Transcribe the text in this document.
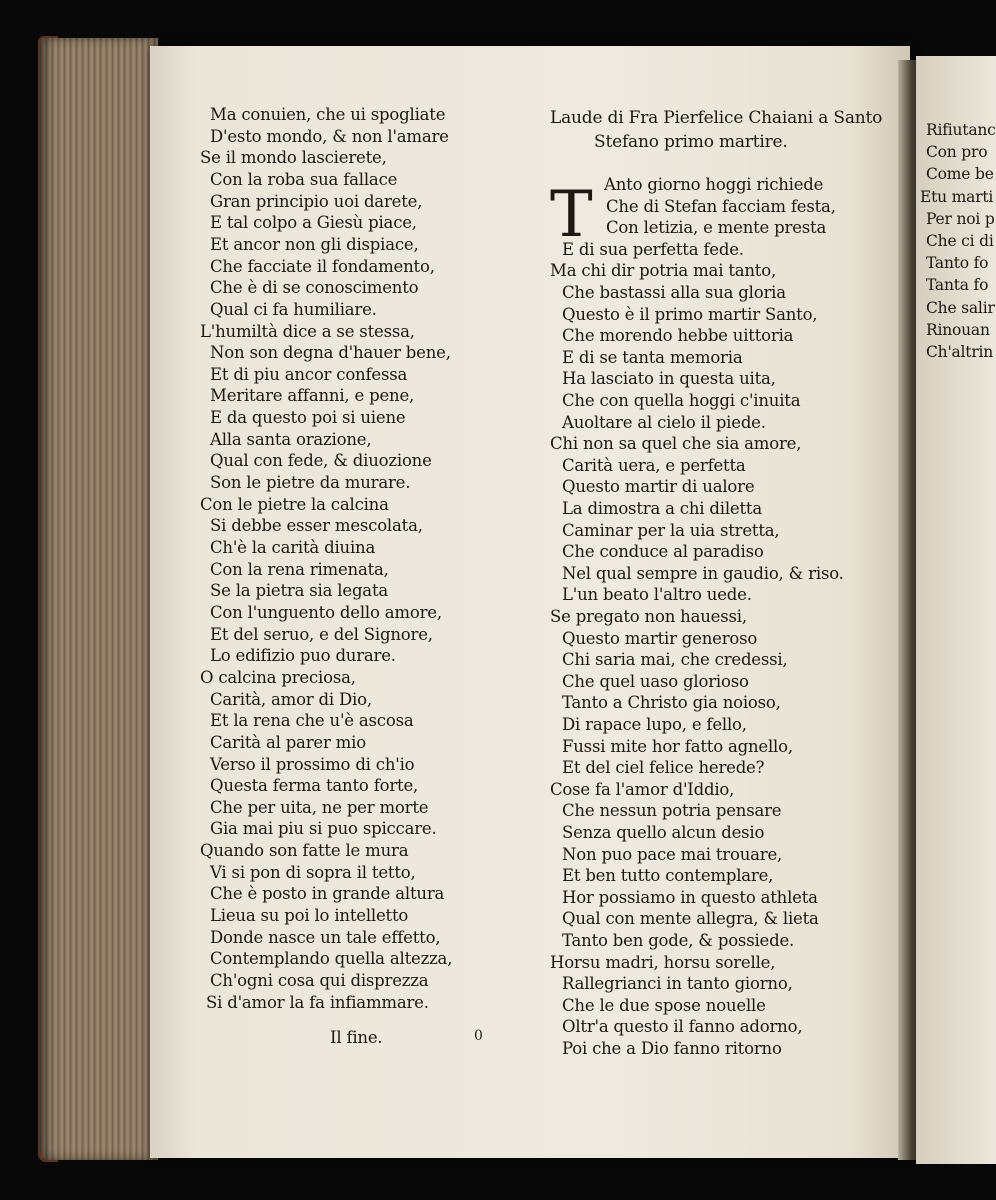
Rifiutanc
Con pro
Come be
Etu marti
Per noi p
Che ci di
Tanto fo
Tanta fo
Che salir
Rinouan
Ch'altrin
Ma conuien, che ui spogliate
D'esto mondo, & non l'amare
Se il mondo lascierete,
Con la roba sua fallace
Gran principio uoi darete,
E tal colpo a Giesù piace,
Et ancor non gli dispiace,
Che facciate il fondamento,
Che è di se conoscimento
Qual ci fa humiliare.
L'humiltà dice a se stessa,
Non son degna d'hauer bene,
Et di piu ancor confessa
Meritare affanni, e pene,
E da questo poi si uiene
Alla santa orazione,
Qual con fede, & diuozione
Son le pietre da murare.
Con le pietre la calcina
Si debbe esser mescolata,
Ch'è la carità diuina
Con la rena rimenata,
Se la pietra sia legata
Con l'unguento dello amore,
Et del seruo, e del Signore,
Lo edifizio puo durare.
O calcina preciosa,
Carità, amor di Dio,
Et la rena che u'è ascosa
Carità al parer mio
Verso il prossimo di ch'io
Questa ferma tanto forte,
Che per uita, ne per morte
Gia mai piu si puo spiccare.
Quando son fatte le mura
Vi si pon di sopra il tetto,
Che è posto in grande altura
Lieua su poi lo intelletto
Donde nasce un tale effetto,
Contemplando quella altezza,
Ch'ogni cosa qui disprezza
Si d'amor la fa infiammare.
Il fine.	0
Laude di Fra Pierfelice Chaiani a Santo
Stefano primo martire.
T Anto giorno hoggi richiede
Che di Stefan facciam festa,
Con letizia, e mente presta
E di sua perfetta fede.
Ma chi dir potria mai tanto,
Che bastassi alla sua gloria
Questo è il primo martir Santo,
Che morendo hebbe uittoria
E di se tanta memoria
Ha lasciato in questa uita,
Che con quella hoggi c'inuita
Auoltare al cielo il piede.
Chi non sa quel che sia amore,
Carità uera, e perfetta
Questo martir di ualore
La dimostra a chi diletta
Caminar per la uia stretta,
Che conduce al paradiso
Nel qual sempre in gaudio, & riso.
L'un beato l'altro uede.
Se pregato non hauessi,
Questo martir generoso
Chi saria mai, che credessi,
Che quel uaso glorioso
Tanto a Christo gia noioso,
Di rapace lupo, e fello,
Fussi mite hor fatto agnello,
Et del ciel felice herede?
Cose fa l'amor d'Iddio,
Che nessun potria pensare
Senza quello alcun desio
Non puo pace mai trouare,
Et ben tutto contemplare,
Hor possiamo in questo athleta
Qual con mente allegra, & lieta
Tanto ben gode, & possiede.
Horsu madri, horsu sorelle,
Rallegrianci in tanto giorno,
Che le due spose nouelle
Oltr'a questo il fanno adorno,
Poi che a Dio fanno ritorno
